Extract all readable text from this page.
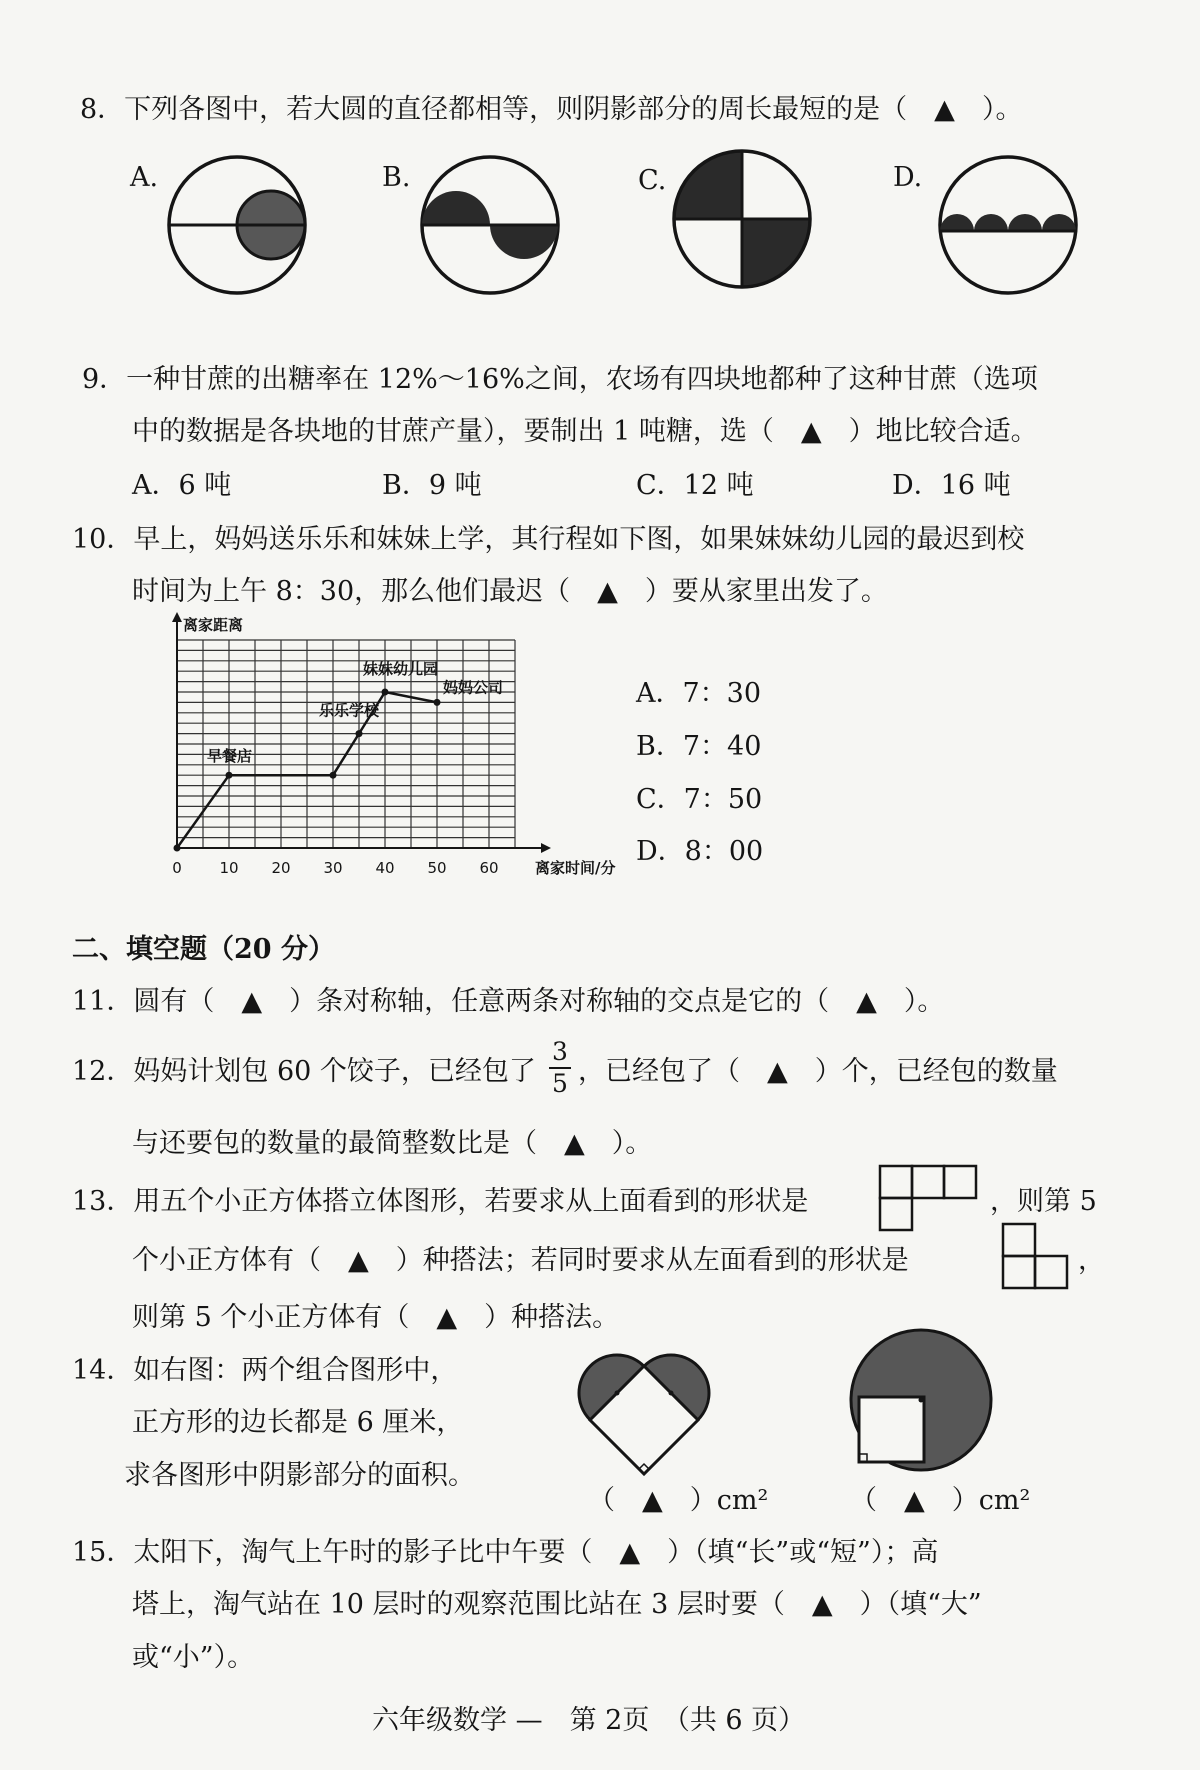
8．下列各图中，若大圆的直径都相等，则阴影部分的周长最短的是（　▲　）。
A.	B.	C.	D.
9．一种甘蔗的出糖率在 12%～16%之间，农场有四块地都种了这种甘蔗（选项
中的数据是各块地的甘蔗产量），要制出 1 吨糖，选（　▲　）地比较合适。
A．6 吨	B．9 吨	C．12 吨	D．16 吨
10．早上，妈妈送乐乐和妹妹上学，其行程如下图，如果妹妹幼儿园的最迟到校
时间为上午 8：30，那么他们最迟（　▲　）要从家里出发了。
早餐店
乐乐学校
妹妹幼儿园
妈妈公司
0	10 20 30 40 50 60
离家距离
离家时间/分
A．7：30
B．7：40
C．7：50
D．8：00
二、填空题（20 分）
11．圆有（　▲　）条对称轴，任意两条对称轴的交点是它的（　▲　）。
12．妈妈计划包 60 个饺子，已经包了
3
5 ，已经包了（　▲　）个，已经包的数量
与还要包的数量的最简整数比是（　▲　）。
13．用五个小正方体搭立体图形，若要求从上面看到的形状是	，则第 5
个小正方体有（　▲　）种搭法；若同时要求从左面看到的形状是	，
则第 5 个小正方体有（　▲　）种搭法。
14．如右图：两个组合图形中，
正方形的边长都是 6 厘米，
求各图形中阴影部分的面积。
（　▲　）cm²	（　▲　）cm²
15．太阳下，淘气上午时的影子比中午要（　▲　）（填“长”或“短”）；高
塔上，淘气站在 10 层时的观察范围比站在 3 层时要（　▲　）（填“大”
或“小”）。
六年级数学 —　第 2页　（共 6 页）
